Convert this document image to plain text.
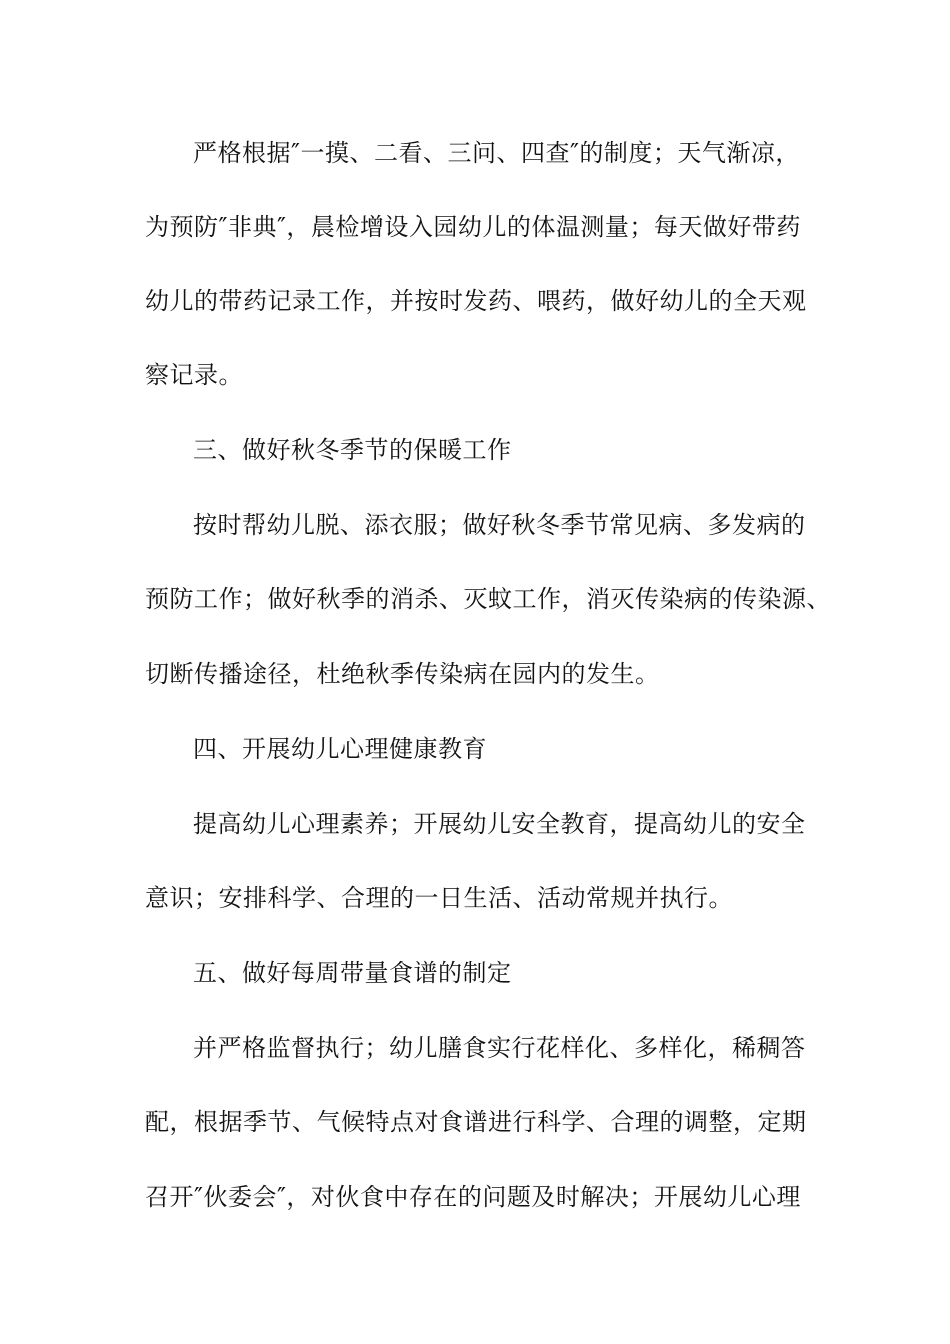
严格根据″一摸、二看、三问、四查″的制度；天气渐凉，
为预防″非典″，晨检增设入园幼儿的体温测量；每天做好带药
幼儿的带药记录工作，并按时发药、喂药，做好幼儿的全天观
察记录。
三、做好秋冬季节的保暖工作
按时帮幼儿脱、添衣服；做好秋冬季节常见病、多发病的
预防工作；做好秋季的消杀、灭蚊工作，消灭传染病的传染源、
切断传播途径，杜绝秋季传染病在园内的发生。
四、开展幼儿心理健康教育
提高幼儿心理素养；开展幼儿安全教育，提高幼儿的安全
意识；安排科学、合理的一日生活、活动常规并执行。
五、做好每周带量食谱的制定
并严格监督执行；幼儿膳食实行花样化、多样化，稀稠答
配，根据季节、气候特点对食谱进行科学、合理的调整，定期
召开″伙委会″，对伙食中存在的问题及时解决；开展幼儿心理
